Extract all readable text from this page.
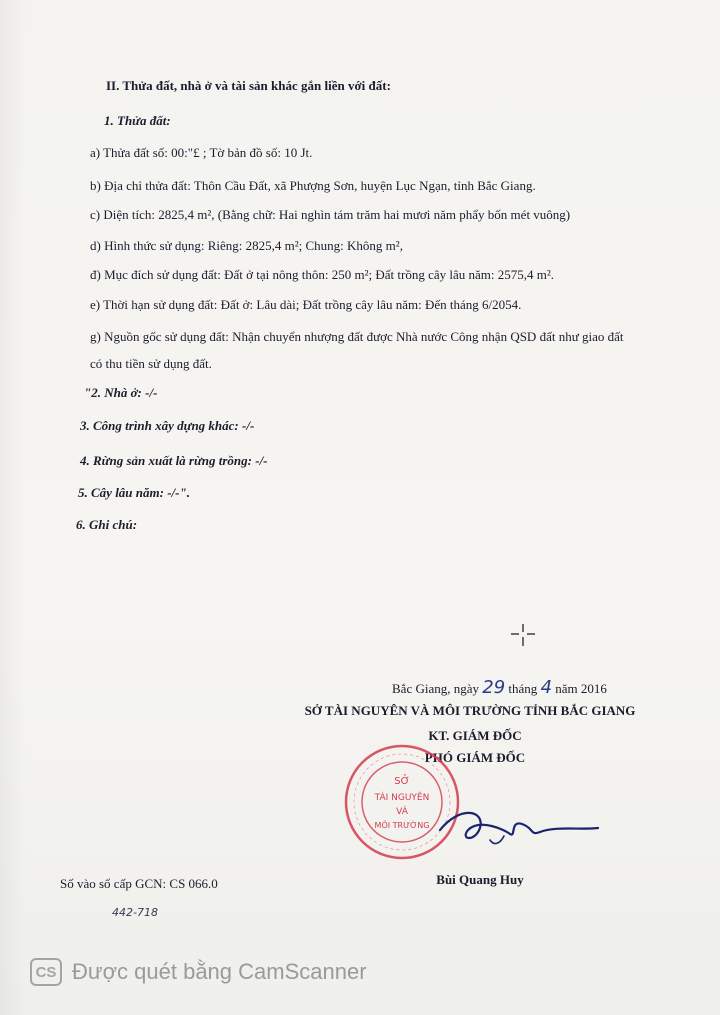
II. Thửa đất, nhà ở và tài sản khác gắn liền với đất:
1. Thửa đất:
a) Thửa đất số: 00:"£ ; Tờ bản đồ số: 10 Jt.
b) Địa chỉ thửa đất: Thôn Cầu Đất, xã Phượng Sơn, huyện Lục Ngạn, tỉnh Bắc Giang.
c) Diện tích: 2825,4 m², (Bằng chữ: Hai nghìn tám trăm hai mươi năm phẩy bốn mét vuông)
d) Hình thức sử dụng: Riêng: 2825,4 m²; Chung: Không m²,
đ) Mục đích sử dụng đất: Đất ở tại nông thôn: 250 m²; Đất trồng cây lâu năm: 2575,4 m².
e) Thời hạn sử dụng đất: Đất ở: Lâu dài; Đất trồng cây lâu năm: Đến tháng 6/2054.
g) Nguồn gốc sử dụng đất: Nhận chuyển nhượng đất được Nhà nước Công nhận QSD đất như giao đất
có thu tiền sử dụng đất.
"2. Nhà ở: -/-
3. Công trình xây dựng khác: -/-
4. Rừng sản xuất là rừng trồng: -/-
5. Cây lâu năm: -/-".
6. Ghi chú:
Bắc Giang, ngày 29 tháng 4 năm 2016
SỞ TÀI NGUYÊN VÀ MÔI TRƯỜNG TỈNH BẮC GIANG
KT. GIÁM ĐỐC
PHÓ GIÁM ĐỐC
SỞ
TÀI NGUYÊN
VÀ
MÔI TRƯỜNG
Bùi Quang Huy
Số vào sổ cấp GCN: CS 066.0
442-718
CS Được quét bằng CamScanner
